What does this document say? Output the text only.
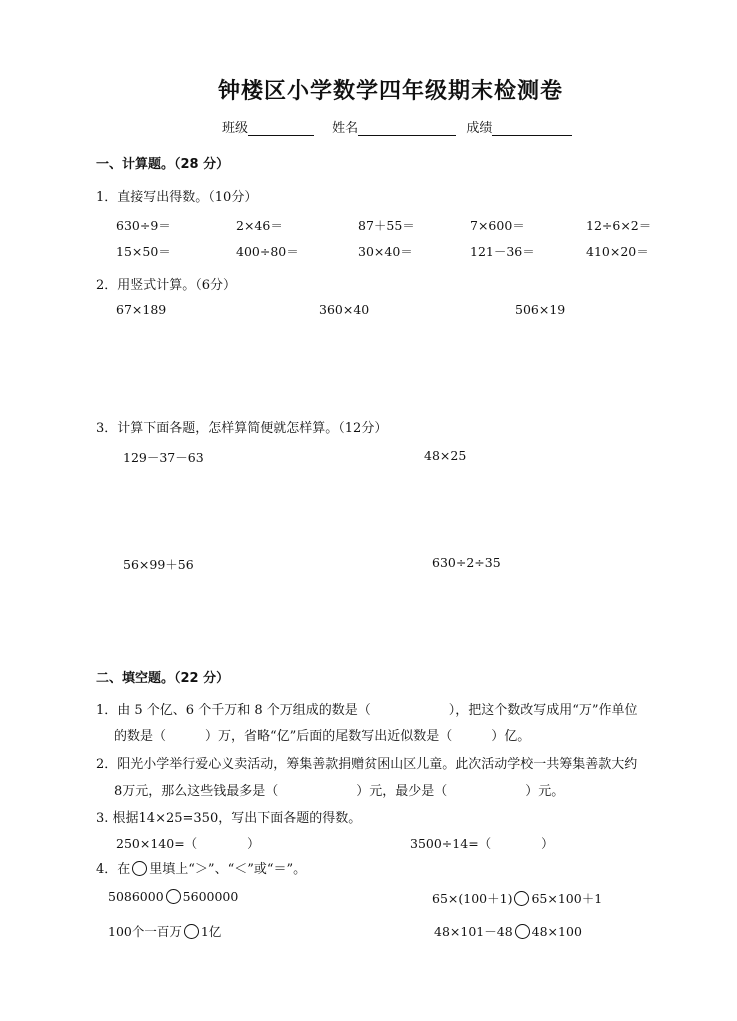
钟楼区小学数学四年级期末检测卷
班级	姓名	成绩
一、计算题。（28 分）
1．直接写出得数。（10分）
630÷9＝	2×46＝	87＋55＝	7×600＝	12÷6×2＝
15×50＝	400÷80＝	30×40＝	121－36＝	410×20＝
2．用竖式计算。（6分）
67×189	360×40	506×19
3．计算下面各题，怎样算简便就怎样算。（12分）
129－37－63	48×25
56×99＋56	630÷2÷35
二、填空题。（22 分）
1．由 5 个亿、6 个千万和 8 个万组成的数是（　　　　　　），把这个数改写成用“万”作单位
的数是（　　　）万，省略“亿”后面的尾数写出近似数是（　　　）亿。
2．阳光小学举行爱心义卖活动，筹集善款捐赠贫困山区儿童。此次活动学校一共筹集善款大约
8万元，那么这些钱最多是（　　　　　　）元，最少是（　　　　　　）元。
3. 根据14×25=350，写出下面各题的得数。
250×140=（　　　　）	3500÷14=（　　　　）
4．在 里填上“＞”、“＜”或“＝”。
5086000 5600000	65×(100＋1) 65×100＋1
100个一百万 1亿	48×101－48 48×100
